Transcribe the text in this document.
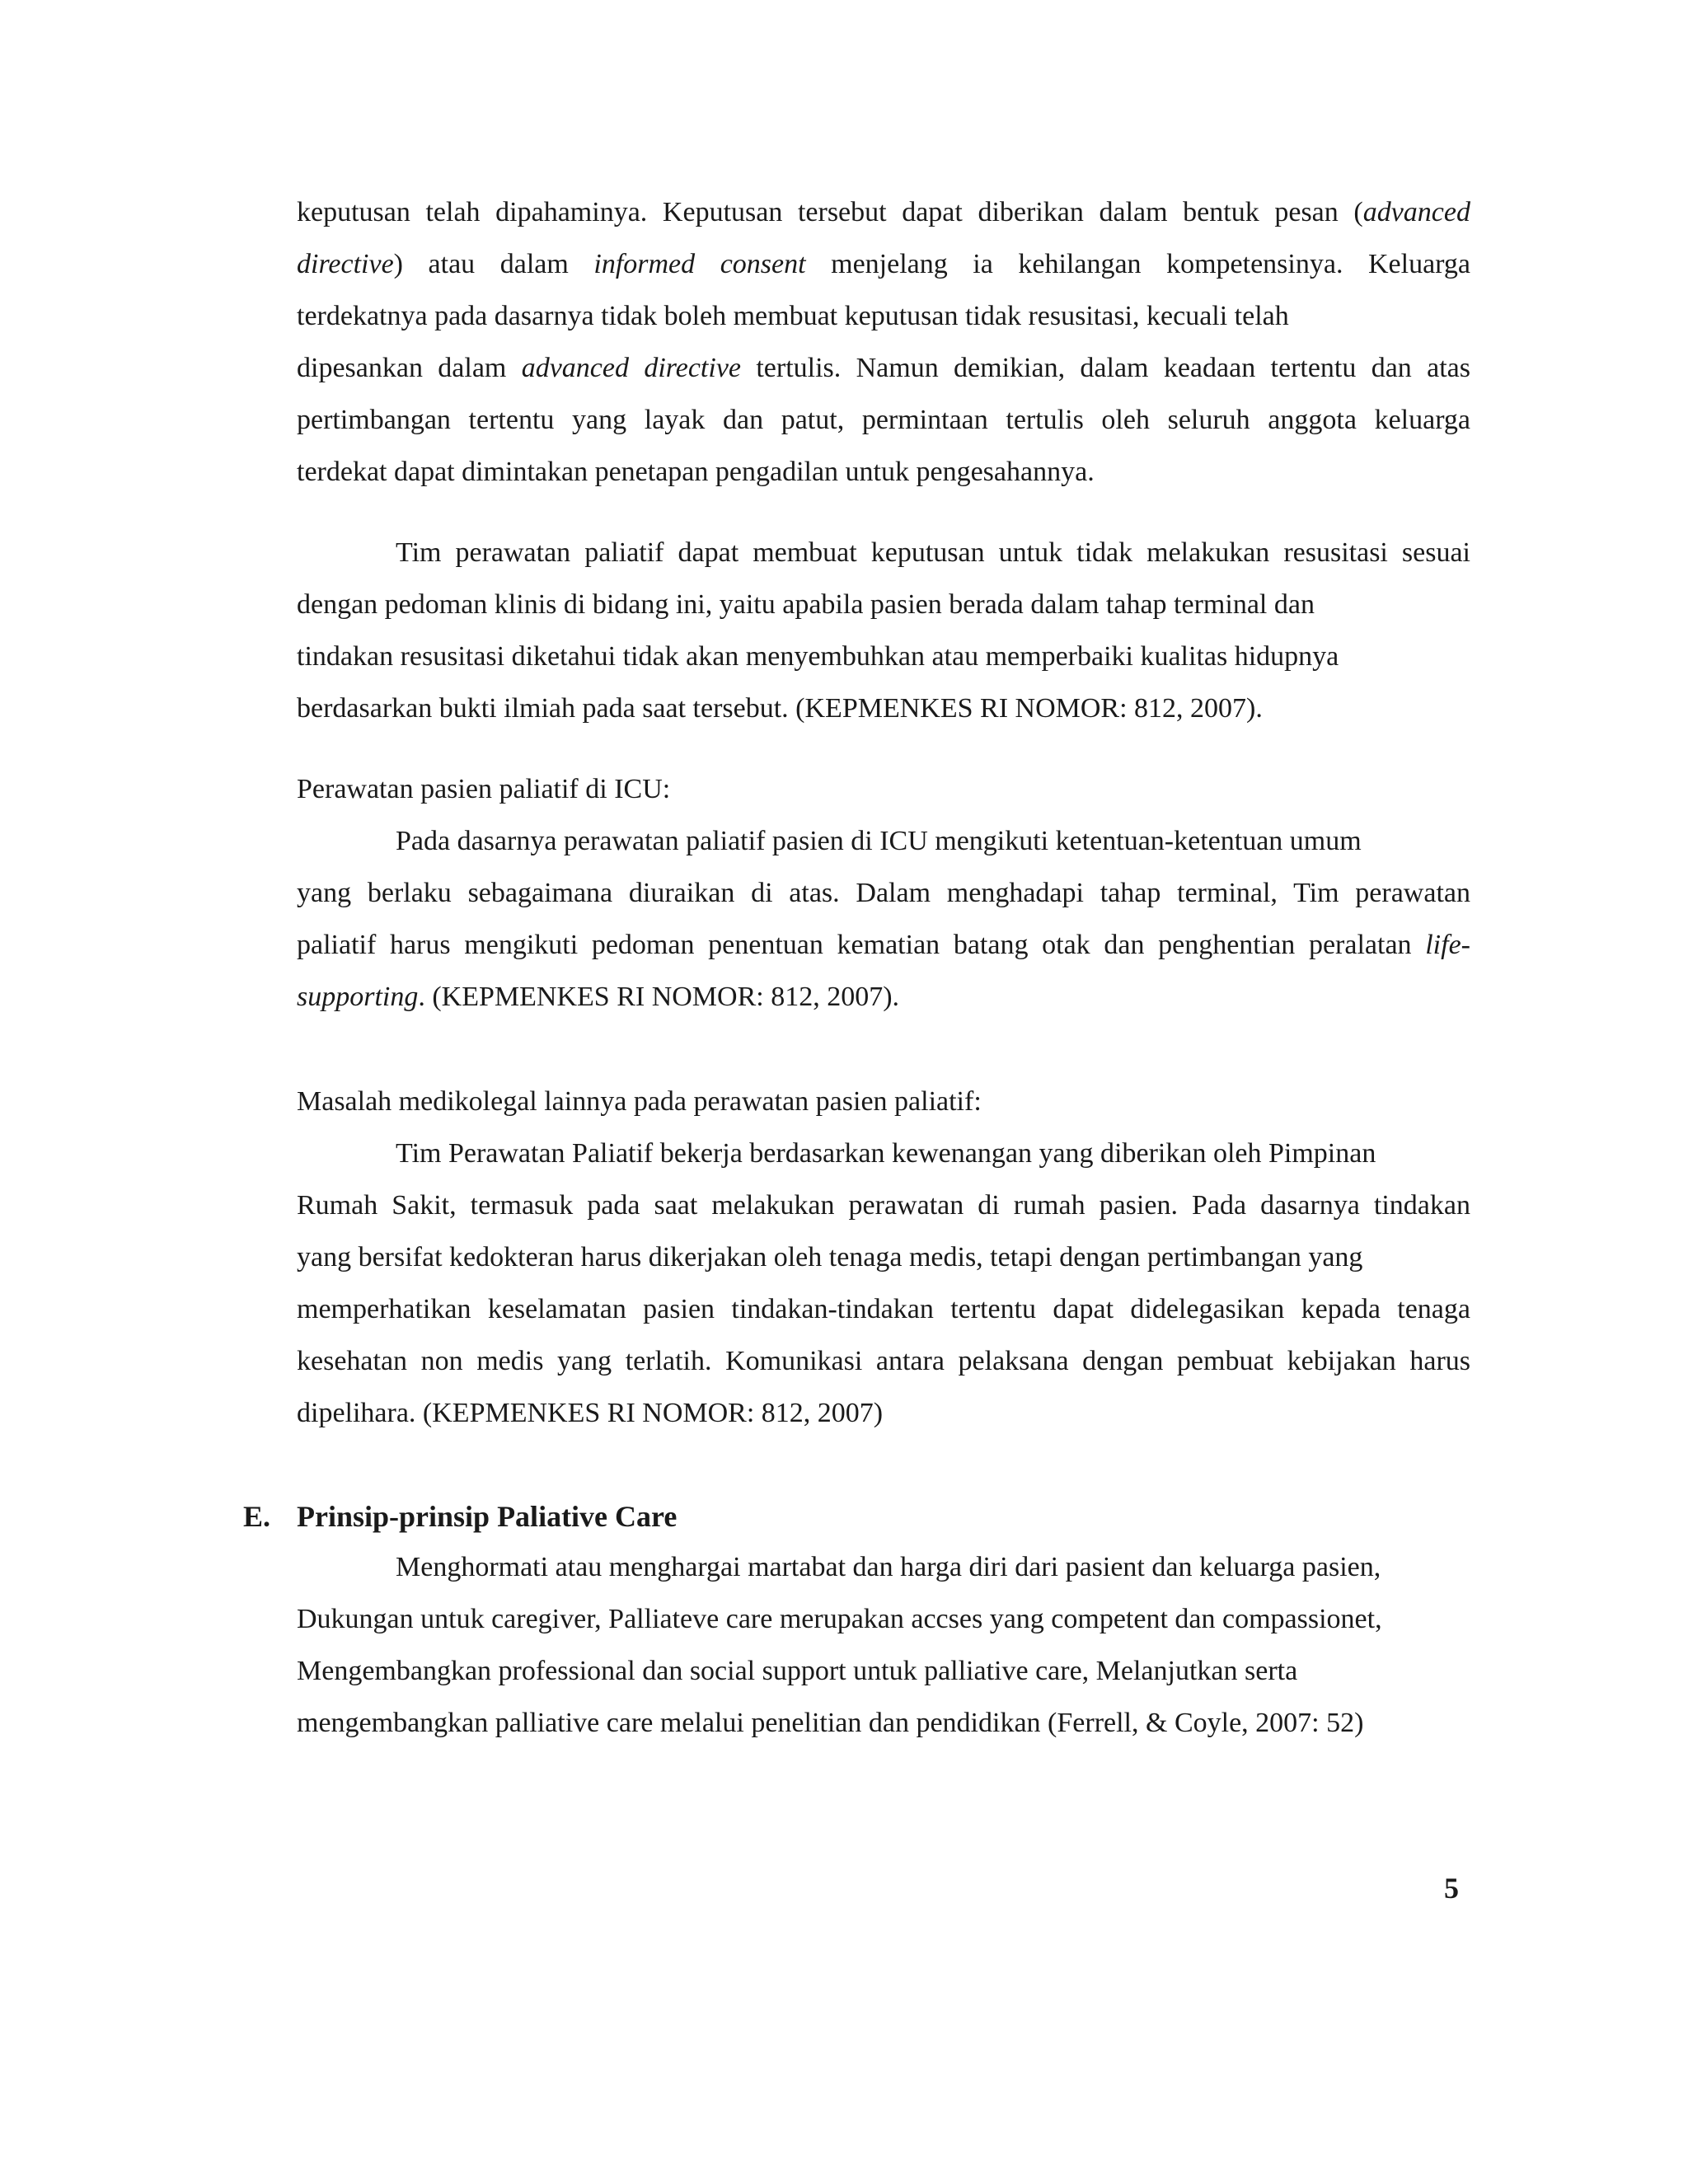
keputusan telah dipahaminya. Keputusan tersebut dapat diberikan dalam bentuk pesan (advanced
directive) atau dalam informed consent menjelang ia kehilangan kompetensinya. Keluarga
terdekatnya pada dasarnya tidak boleh membuat keputusan tidak resusitasi, kecuali telah
dipesankan dalam advanced directive tertulis. Namun demikian, dalam keadaan tertentu dan atas
pertimbangan tertentu yang layak dan patut, permintaan tertulis oleh seluruh anggota keluarga
terdekat dapat dimintakan penetapan pengadilan untuk pengesahannya.
Tim perawatan paliatif dapat membuat keputusan untuk tidak melakukan resusitasi sesuai
dengan pedoman klinis di bidang ini, yaitu apabila pasien berada dalam tahap terminal dan
tindakan resusitasi diketahui tidak akan menyembuhkan atau memperbaiki kualitas hidupnya
berdasarkan bukti ilmiah pada saat tersebut. (KEPMENKES RI NOMOR: 812, 2007).
Perawatan pasien paliatif di ICU:
Pada dasarnya perawatan paliatif pasien di ICU mengikuti ketentuan-ketentuan umum
yang berlaku sebagaimana diuraikan di atas. Dalam menghadapi tahap terminal, Tim perawatan
paliatif harus mengikuti pedoman penentuan kematian batang otak dan penghentian peralatan life-
supporting. (KEPMENKES RI NOMOR: 812, 2007).
Masalah medikolegal lainnya pada perawatan pasien paliatif:
Tim Perawatan Paliatif bekerja berdasarkan kewenangan yang diberikan oleh Pimpinan
Rumah Sakit, termasuk pada saat melakukan perawatan di rumah pasien. Pada dasarnya tindakan
yang bersifat kedokteran harus dikerjakan oleh tenaga medis, tetapi dengan pertimbangan yang
memperhatikan keselamatan pasien tindakan-tindakan tertentu dapat didelegasikan kepada tenaga
kesehatan non medis yang terlatih. Komunikasi antara pelaksana dengan pembuat kebijakan harus
dipelihara. (KEPMENKES RI NOMOR: 812, 2007)
E. Prinsip-prinsip Paliative Care
Menghormati atau menghargai martabat dan harga diri dari pasient dan keluarga pasien,
Dukungan untuk caregiver, Palliateve care merupakan accses yang competent dan compassionet,
Mengembangkan professional dan social support untuk palliative care, Melanjutkan serta
mengembangkan palliative care melalui penelitian dan pendidikan (Ferrell, & Coyle, 2007: 52)
5
